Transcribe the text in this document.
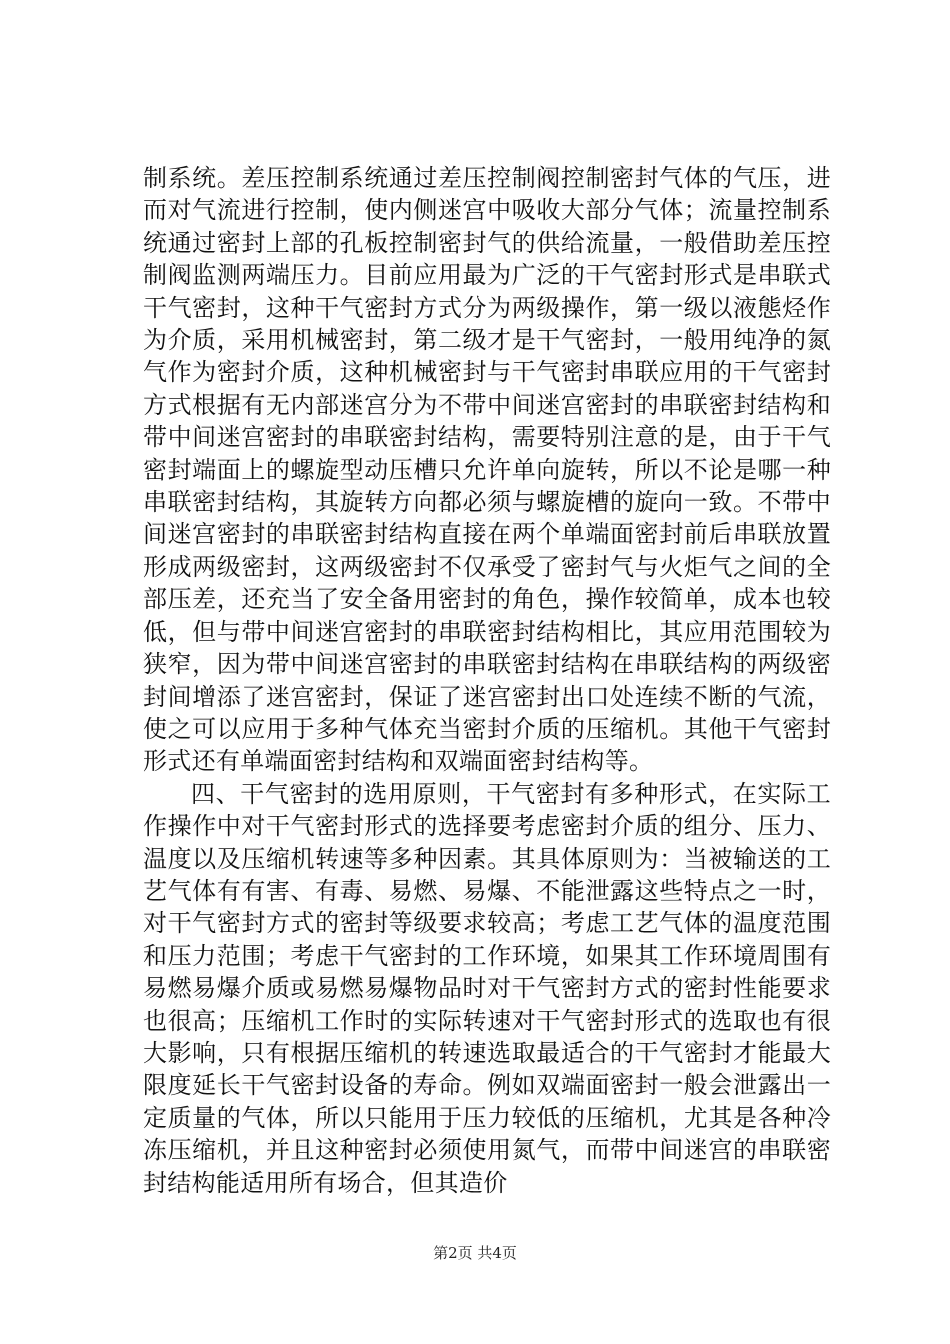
制系统。差压控制系统通过差压控制阀控制密封气体的气压，进而对气流进行控制，使内侧迷宫中吸收大部分气体；流量控制系统通过密封上部的孔板控制密封气的供给流量，一般借助差压控制阀监测两端压力。目前应用最为广泛的干气密封形式是串联式干气密封，这种干气密封方式分为两级操作，第一级以液態烃作为介质，采用机械密封，第二级才是干气密封，一般用纯净的氮气作为密封介质，这种机械密封与干气密封串联应用的干气密封方式根据有无内部迷宫分为不带中间迷宫密封的串联密封结构和带中间迷宫密封的串联密封结构，需要特别注意的是，由于干气密封端面上的螺旋型动压槽只允许单向旋转，所以不论是哪一种串联密封结构，其旋转方向都必须与螺旋槽的旋向一致。不带中间迷宫密封的串联密封结构直接在两个单端面密封前后串联放置形成两级密封，这两级密封不仅承受了密封气与火炬气之间的全部压差，还充当了安全备用密封的角色，操作较简单，成本也较低，但与带中间迷宫密封的串联密封结构相比，其应用范围较为狭窄，因为带中间迷宫密封的串联密封结构在串联结构的两级密封间增添了迷宫密封，保证了迷宫密封出口处连续不断的气流，使之可以应用于多种气体充当密封介质的压缩机。其他干气密封形式还有单端面密封结构和双端面密封结构等。

四、干气密封的选用原则，干气密封有多种形式，在实际工作操作中对干气密封形式的选择要考虑密封介质的组分、压力、温度以及压缩机转速等多种因素。其具体原则为：当被输送的工艺气体有有害、有毒、易燃、易爆、不能泄露这些特点之一时，对干气密封方式的密封等级要求较高；考虑工艺气体的温度范围和压力范围；考虑干气密封的工作环境，如果其工作环境周围有易燃易爆介质或易燃易爆物品时对干气密封方式的密封性能要求也很高；压缩机工作时的实际转速对干气密封形式的选取也有很大影响，只有根据压缩机的转速选取最适合的干气密封才能最大限度延长干气密封设备的寿命。例如双端面密封一般会泄露出一定质量的气体，所以只能用于压力较低的压缩机，尤其是各种冷冻压缩机，并且这种密封必须使用氮气，而带中间迷宫的串联密封结构能适用所有场合，但其造价

第2页 共4页
